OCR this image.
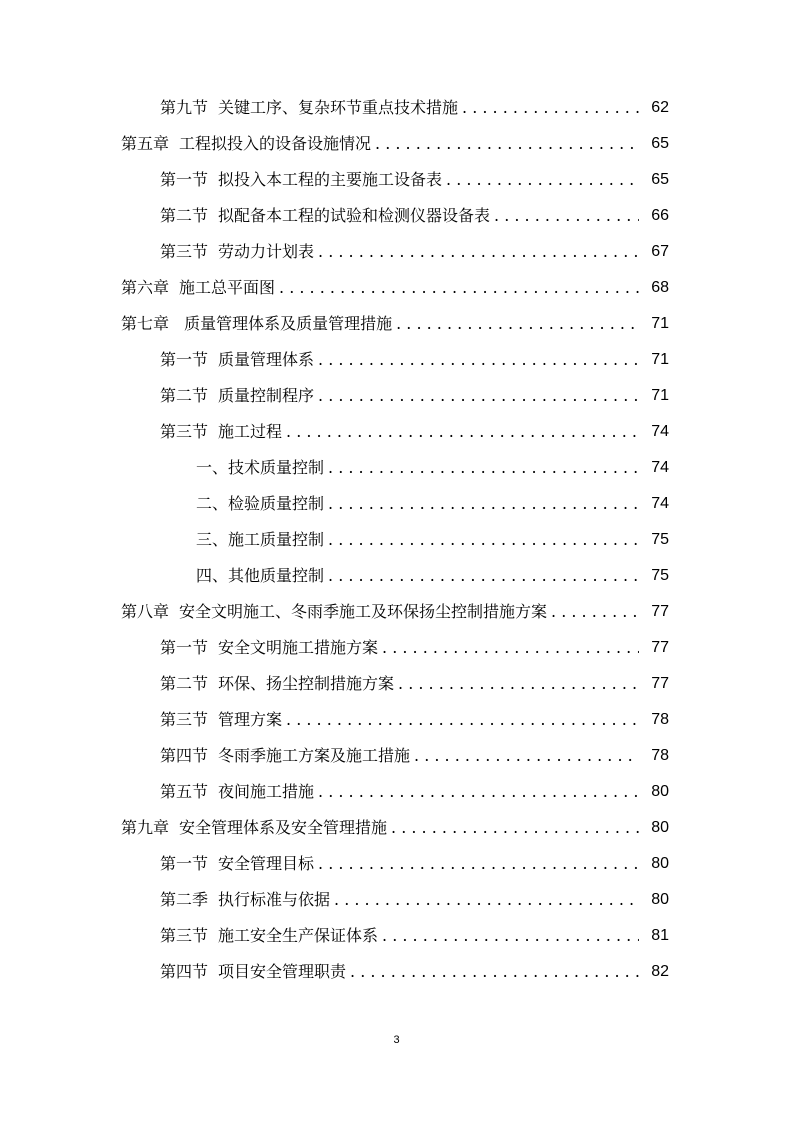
第九节 关键工序、复杂环节重点技术措施 . . .	62
第五章 工程拟投入的设备设施情况 . . .	65
第一节 拟投入本工程的主要施工设备表 . . .	65
第二节 拟配备本工程的试验和检测仪器设备表 . . .	66
第三节 劳动力计划表 . . .	67
第六章 施工总平面图 . . .	68
第七章 质量管理体系及质量管理措施 . . .	71
第一节 质量管理体系 . . .	71
第二节 质量控制程序 . . .	71
第三节 施工过程 . . .	74
一、技术质量控制 . . .	74
二、检验质量控制 . . .	74
三、施工质量控制 . . .	75
四、其他质量控制 . . .	75
第八章 安全文明施工、冬雨季施工及环保扬尘控制措施方案 . . .	77
第一节 安全文明施工措施方案 . . .	77
第二节 环保、扬尘控制措施方案 . . .	77
第三节 管理方案 . . .	78
第四节 冬雨季施工方案及施工措施 . . .	78
第五节 夜间施工措施 . . .	80
第九章 安全管理体系及安全管理措施 . . .	80
第一节 安全管理目标 . . .	80
第二季 执行标准与依据 . . .	80
第三节 施工安全生产保证体系 . . .	81
第四节 项目安全管理职责 . . .	82
3
